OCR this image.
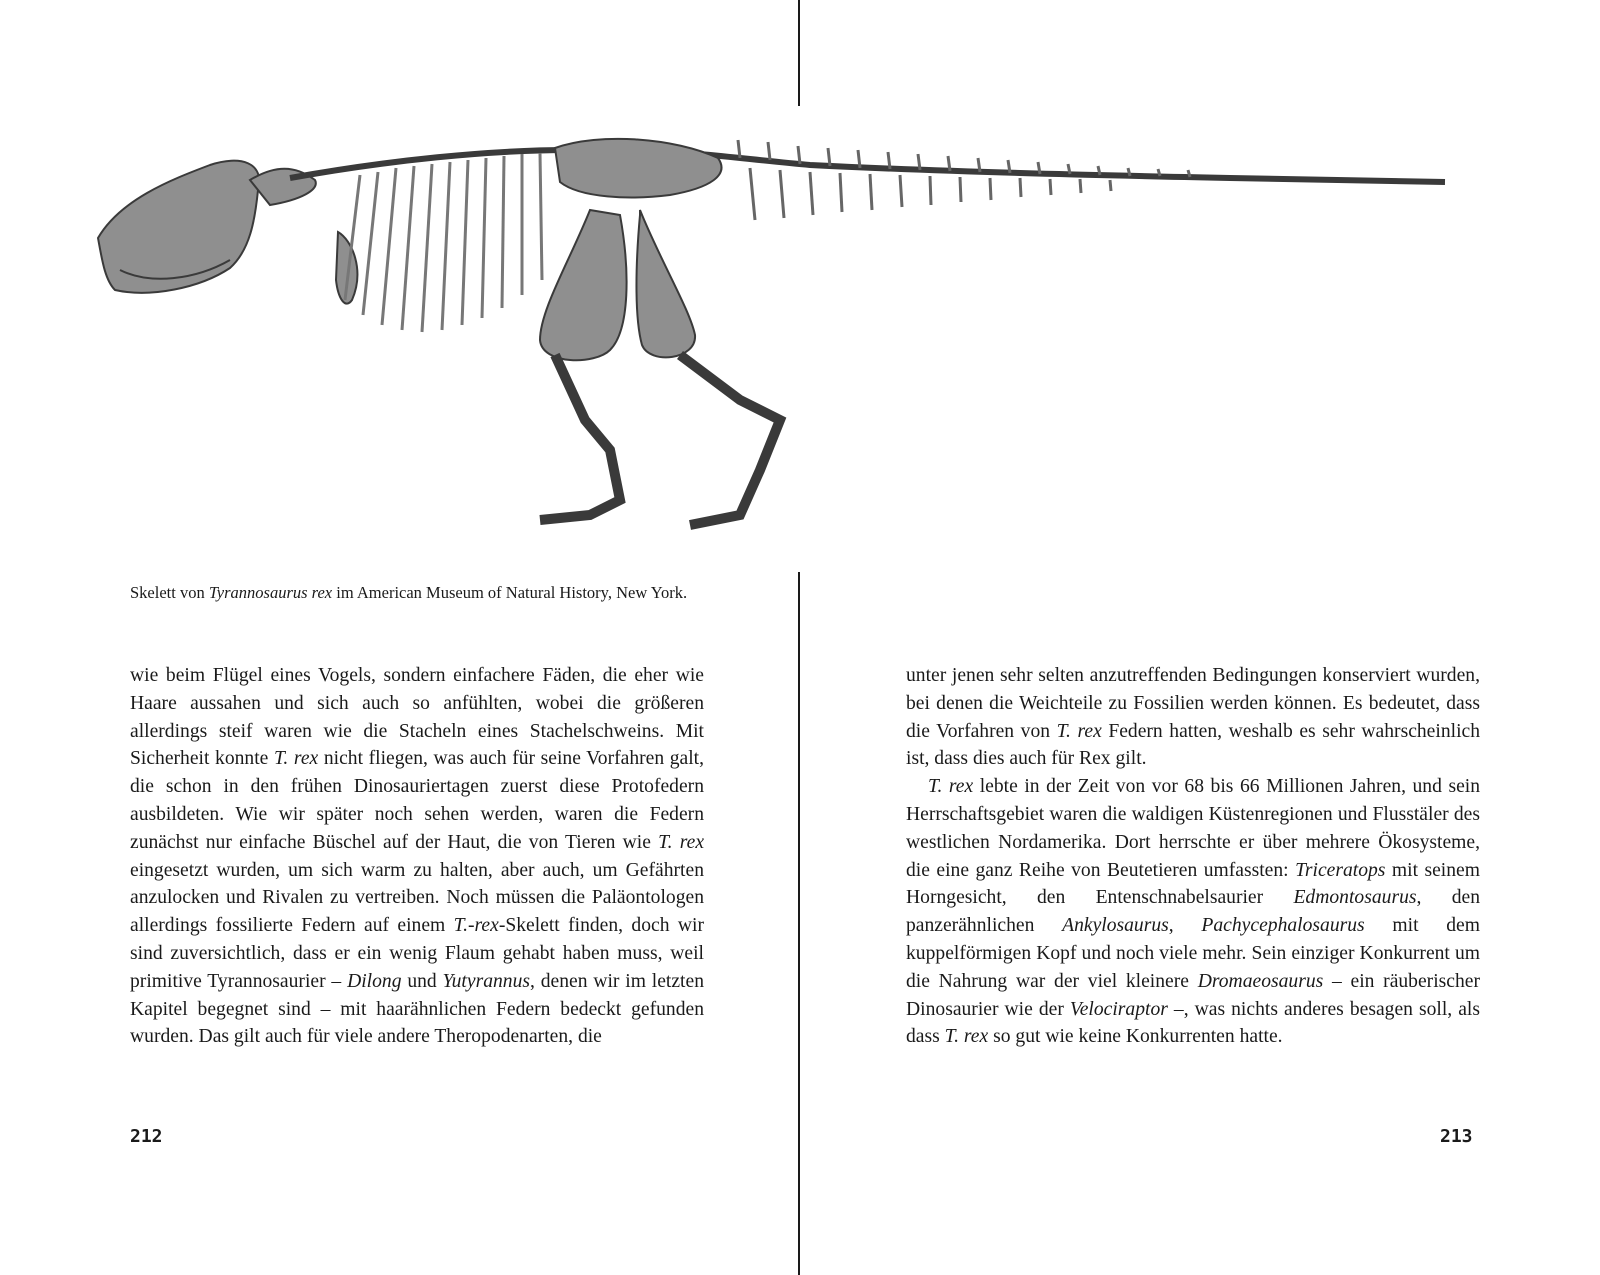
Skelett von Tyrannosaurus rex im American Museum of Natural History, New York.

wie beim Flügel eines Vogels, sondern einfachere Fäden, die eher wie Haare aussahen und sich auch so anfühlten, wobei die größeren allerdings steif waren wie die Stacheln eines Stachelschweins. Mit Sicherheit konnte T. rex nicht fliegen, was auch für seine Vorfahren galt, die schon in den frühen Dinosauriertagen zuerst diese Protofedern ausbildeten. Wie wir später noch sehen werden, waren die Federn zunächst nur einfache Büschel auf der Haut, die von Tieren wie T. rex eingesetzt wurden, um sich warm zu halten, aber auch, um Gefährten anzulocken und Rivalen zu vertreiben. Noch müssen die Paläontologen allerdings fossilierte Federn auf einem T.-rex-Skelett finden, doch wir sind zuversichtlich, dass er ein wenig Flaum gehabt haben muss, weil primitive Tyrannosaurier – Dilong und Yutyrannus, denen wir im letzten Kapitel begegnet sind – mit haarähnlichen Federn bedeckt gefunden wurden. Das gilt auch für viele andere Theropodenarten, die

unter jenen sehr selten anzutreffenden Bedingungen konserviert wurden, bei denen die Weichteile zu Fossilien werden können. Es bedeutet, dass die Vorfahren von T. rex Federn hatten, weshalb es sehr wahrscheinlich ist, dass dies auch für Rex gilt.

T. rex lebte in der Zeit von vor 68 bis 66 Millionen Jahren, und sein Herrschaftsgebiet waren die waldigen Küstenregionen und Flusstäler des westlichen Nordamerika. Dort herrschte er über mehrere Ökosysteme, die eine ganz Reihe von Beutetieren umfassten: Triceratops mit seinem Horngesicht, den Entenschnabelsaurier Edmontosaurus, den panzerähnlichen Ankylosaurus, Pachycephalosaurus mit dem kuppelförmigen Kopf und noch viele mehr. Sein einziger Konkurrent um die Nahrung war der viel kleinere Dromaeosaurus – ein räuberischer Dinosaurier wie der Velociraptor –, was nichts anderes besagen soll, als dass T. rex so gut wie keine Konkurrenten hatte.

212	213
